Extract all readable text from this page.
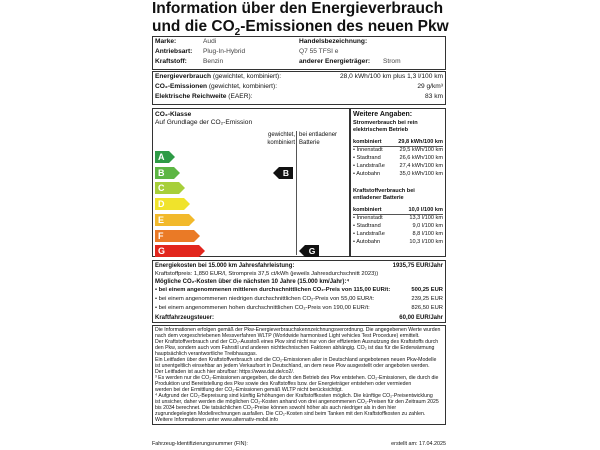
Information über den Energieverbrauch
und die $CO_2$-Emissionen des neuen Pkw
Marke:	Audi
Antriebsart: Plug-In-Hybrid
Kraftstoff: Benzin
Handelsbezeichnung:
Q7 55 TFSI e
anderer Energieträger: Strom
Energieverbrauch (gewichtet, kombiniert):	28,0 kWh/100 km plus 1,3 l/100 km
CO₂-Emissionen (gewichtet, kombiniert):	29 g/km³
Elektrische Reichweite (EAER):	83 km
CO₂-Klasse
Auf Grundlage der CO₂-Emission
gewichtet,
kombiniert
bei entladener
Batterie
A
B
C
D
E
F
G
B
G
Weitere Angaben:
Stromverbrauch bei rein
elektrischem Betrieb
kombiniert	29,8 kWh/100 km
• Innenstadt	29,5 kWh/100 km
• Stadtrand	26,6 kWh/100 km
• Landstraße	27,4 kWh/100 km
• Autobahn	35,0 kWh/100 km
Kraftstoffverbrauch bei
entladener Batterie
kombiniert	10,0 l/100 km
• Innenstadt	13,3 l/100 km
• Stadtrand	9,0 l/100 km
• Landstraße	8,8 l/100 km
• Autobahn	10,3 l/100 km
Energiekosten bei 15.000 km Jahresfahrleistung:	1935,75 EUR/Jahr
Kraftstoffpreis: 1,850 EUR/l, Strompreis 37,5 ct/kWh (jeweils Jahresdurchschnitt 2023))
Mögliche CO₂-Kosten über die nächsten 10 Jahre (15.000 km/Jahr):⁴
• bei einem angenommenen mittleren durchschnittlichen CO₂-Preis von 115,00 EUR/t:	500,25 EUR
• bei einem angenommenen niedrigen durchschnittlichen CO₂-Preis von 55,00 EUR/t:	239,25 EUR
• bei einem angenommenen hohen durchschnittlichen CO₂-Preis von 190,00 EUR/t:	826,50 EUR
Kraftfahrzeugsteuer:	60,00 EUR/Jahr
Die Informationen erfolgen gemäß der Pkw-Energieverbrauchskennzeichnungsverordnung. Die angegebenen Werte wurden
nach dem vorgeschriebenen Messverfahren WLTP (Worldwide harmonised Light vehicles Test Procedure) ermittelt.
Der Kraftstoffverbrauch und der CO₂-Ausstoß eines Pkw sind nicht nur von der effizienten Ausnutzung des Kraftstoffs durch
den Pkw, sondern auch vom Fahrstil und anderen nichttechnischen Faktoren abhängig. CO₂ ist das für die Erderwärmung
hauptsächlich verantwortliche Treibhausgas.
Ein Leitfaden über den Kraftstoffverbrauch und die CO₂-Emissionen aller in Deutschland angebotenen neuen Pkw-Modelle
ist unentgeltlich einsehbar an jedem Verkaufsort in Deutschland, an dem neue Pkw ausgestellt oder angeboten werden.
Der Leitfaden ist auch hier abrufbar: https://www.dat.de/co2/.
³ Es werden nur die CO₂-Emissionen angegeben, die durch den Betrieb des Pkw entstehen. CO₂-Emissionen, die durch die
Produktion und Bereitstellung des Pkw sowie des Kraftstoffes bzw. der Energieträger entstehen oder vermieden
werden bei der Ermittlung der CO₂-Emissionen gemäß WLTP nicht berücksichtigt.
⁴ Aufgrund der CO₂-Bepreisung sind künftig Erhöhungen der Kraftstoffkosten möglich. Die künftige CO₂-Preisentwicklung
ist unsicher, daher werden die möglichen CO₂-Kosten anhand von drei angenommenen CO₂-Preisen für den Zeitraum 2025
bis 2034 berechnet. Die tatsächlichen CO₂-Preise können sowohl höher als auch niedriger als in den hier
zugrundegelegten Modellrechnungen ausfallen. Die CO₂-Kosten sind beim Tanken mit den Kraftstoffkosten zu zahlen.
Weitere Informationen unter www.alternativ-mobil.info
Fahrzeug-Identifizierungsnummer (FIN):	erstellt am: 17.04.2025
